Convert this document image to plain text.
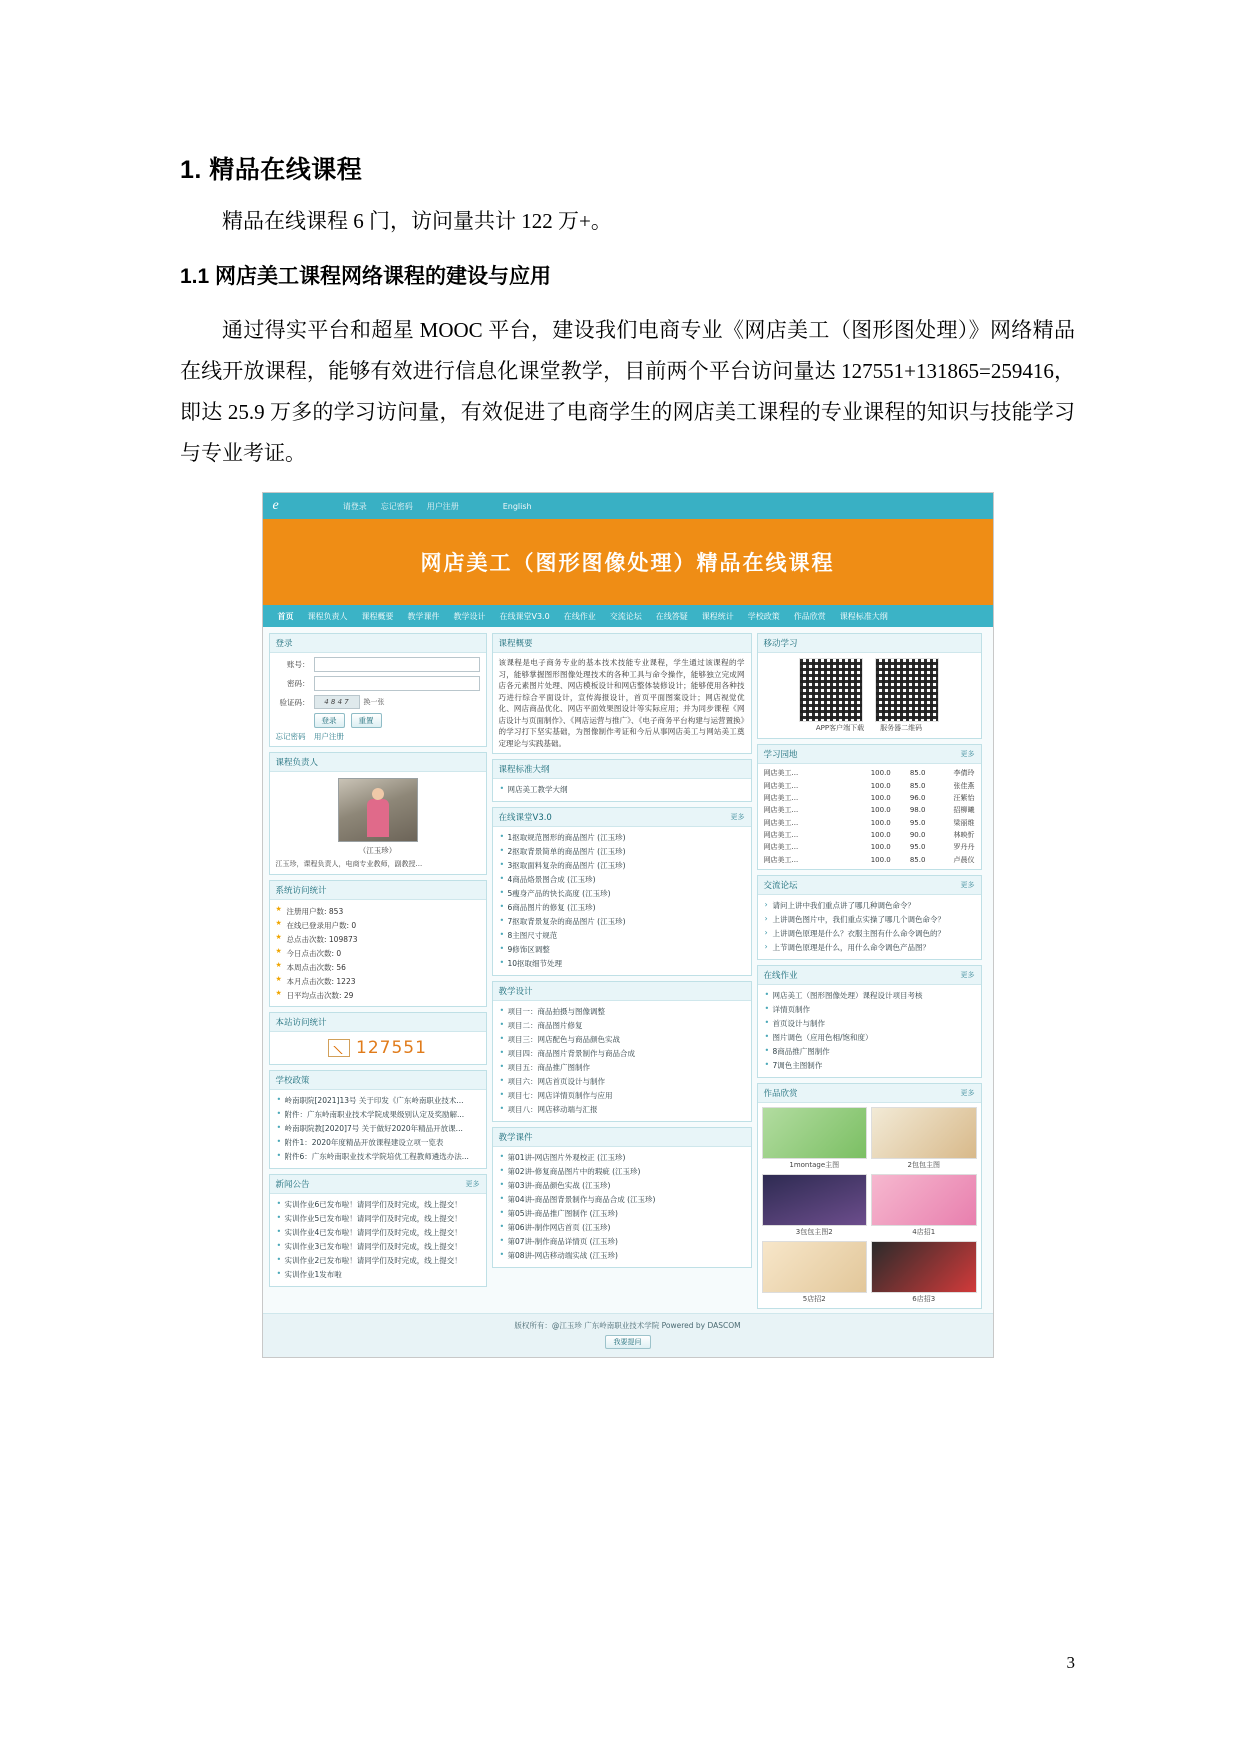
1. 精品在线课程

精品在线课程 6 门，访问量共计 122 万+。

1.1 网店美工课程网络课程的建设与应用

通过得实平台和超星 MOOC 平台，建设我们电商专业《网店美工（图形图处理）》网络精品在线开放课程，能够有效进行信息化课堂教学，目前两个平台访问量达 127551+131865=259416，即达 25.9 万多的学习访问量，有效促进了电商学生的网店美工课程的专业课程的知识与技能学习与专业考证。

e	请登录 忘记密码 用户注册	English
网店美工（图形图像处理）精品在线课程
首页	课程负责人	课程概要	教学课件	教学设计	在线课堂V3.0	在线作业	交流论坛	在线答疑	课程统计	学校政策	作品欣赏	课程标准大纲
登录
账号：
密码：
验证码：	4 8 4 7	换一张
登录	重置
忘记密码 用户注册
课程负责人
（江玉珍）
江玉珍，课程负责人，电商专业教师，副教授...
系统访问统计
★ 注册用户数: 853
★ 在线已登录用户数: 0
★ 总点击次数: 109873
★ 今日点击次数: 0
★ 本周点击次数: 56
★ 本月点击次数: 1223
★ 日平均点击次数: 29
本站访问统计
127551
学校政策
• 岭南职院[2021]13号 关于印发《广东岭南职业技术...
• 附件：广东岭南职业技术学院成果级别认定及奖励解...
• 岭南职院教[2020]7号 关于做好2020年精品开放课...
• 附件1：2020年度精品开放课程建设立项一览表
• 附件6：广东岭南职业技术学院培优工程教师遴选办法...
新闻公告	更多
• 实训作业6已发布啦！请同学们及时完成，线上提交！
• 实训作业5已发布啦！请同学们及时完成，线上提交！
• 实训作业4已发布啦！请同学们及时完成，线上提交！
• 实训作业3已发布啦！请同学们及时完成，线上提交！
• 实训作业2已发布啦！请同学们及时完成，线上提交！
• 实训作业1发布啦
课程概要
该课程是电子商务专业的基本技术技能专业课程，学生通过该课程的学习，能够掌握图形图像处理技术的各种工具与命令操作，能够独立完成网店各元素图片处理、网店模板设计和网店整体装修设计；能够使用各种技巧进行综合平面设计，宣传海报设计，首页平面图案设计；网店视觉优化、网店商品优化、网店平面效果图设计等实际应用；并为同步课程《网店设计与页面制作》、《网店运营与推广》、《电子商务平台构建与运营置换》的学习打下坚实基础，为图像制作考证和今后从事网店美工与网站美工奠定理论与实践基础。
课程标准大纲
• 网店美工教学大纲
在线课堂V3.0	更多
• 1抠取规范图形的商品图片 (江玉珍)
• 2抠取背景简单的商品图片 (江玉珍)
• 3抠取面料复杂的商品图片 (江玉珍)
• 4商品烙景图合成 (江玉珍)
• 5瘦身产品的快长高度 (江玉珍)
• 6商品图片的修复 (江玉珍)
• 7抠取背景复杂的商品图片 (江玉珍)
• 8主图尺寸规范
• 9修饰区调整
• 10抠取细节处理
教学设计
• 项目一：商品拍摄与图像调整
• 项目二：商品图片修复
• 项目三：网店配色与商品颜色实战
• 项目四：商品图片背景制作与商品合成
• 项目五：商品推广图制作
• 项目六：网店首页设计与制作
• 项目七：网店详情页制作与应用
• 项目八：网店移动端与汇报
教学课件
• 第01讲-网店图片外观校正 (江玉珍)
• 第02讲-修复商品图片中的瑕疵 (江玉珍)
• 第03讲-商品颜色实战 (江玉珍)
• 第04讲-商品图背景制作与商品合成 (江玉珍)
• 第05讲-商品推广图制作 (江玉珍)
• 第06讲-制作网店首页 (江玉珍)
• 第07讲-制作商品详情页 (江玉珍)
• 第08讲-网店移动端实战 (江玉珍)
移动学习
APP客户端下载 服务器二维码
学习园地	更多
网店美工...	100.0	85.0	李倩玲
网店美工...	100.0	85.0	张佳燕
网店美工...	100.0	96.0	汪紫怡
网店美工...	100.0	98.0	招柳曦
网店美工...	100.0	95.0	梁丽维
网店美工...	100.0	90.0	林映忻
网店美工...	100.0	95.0	罗丹丹
网店美工...	100.0	85.0	卢晨仪
交流论坛	更多
› 请问上讲中我们重点讲了哪几种调色命令？
› 上讲调色图片中，我们重点实操了哪几个调色命令？
› 上讲调色原理是什么？衣服主图有什么命令调色的？
› 上节调色原理是什么，用什么命令调色产品图？
在线作业	更多
• 网店美工（图形图像处理）课程设计项目考核
• 详情页制作
• 首页设计与制作
• 图片调色（应用色相/饱和度）
• 8商品推广图制作
• 7调色主图制作
作品欣赏	更多
1montage主图	2包包主图
3包包主图2	4店招1
5店招2	6店招3
版权所有：@江玉珍 广东岭南职业技术学院 Powered by DASCOM
我要提问
3
